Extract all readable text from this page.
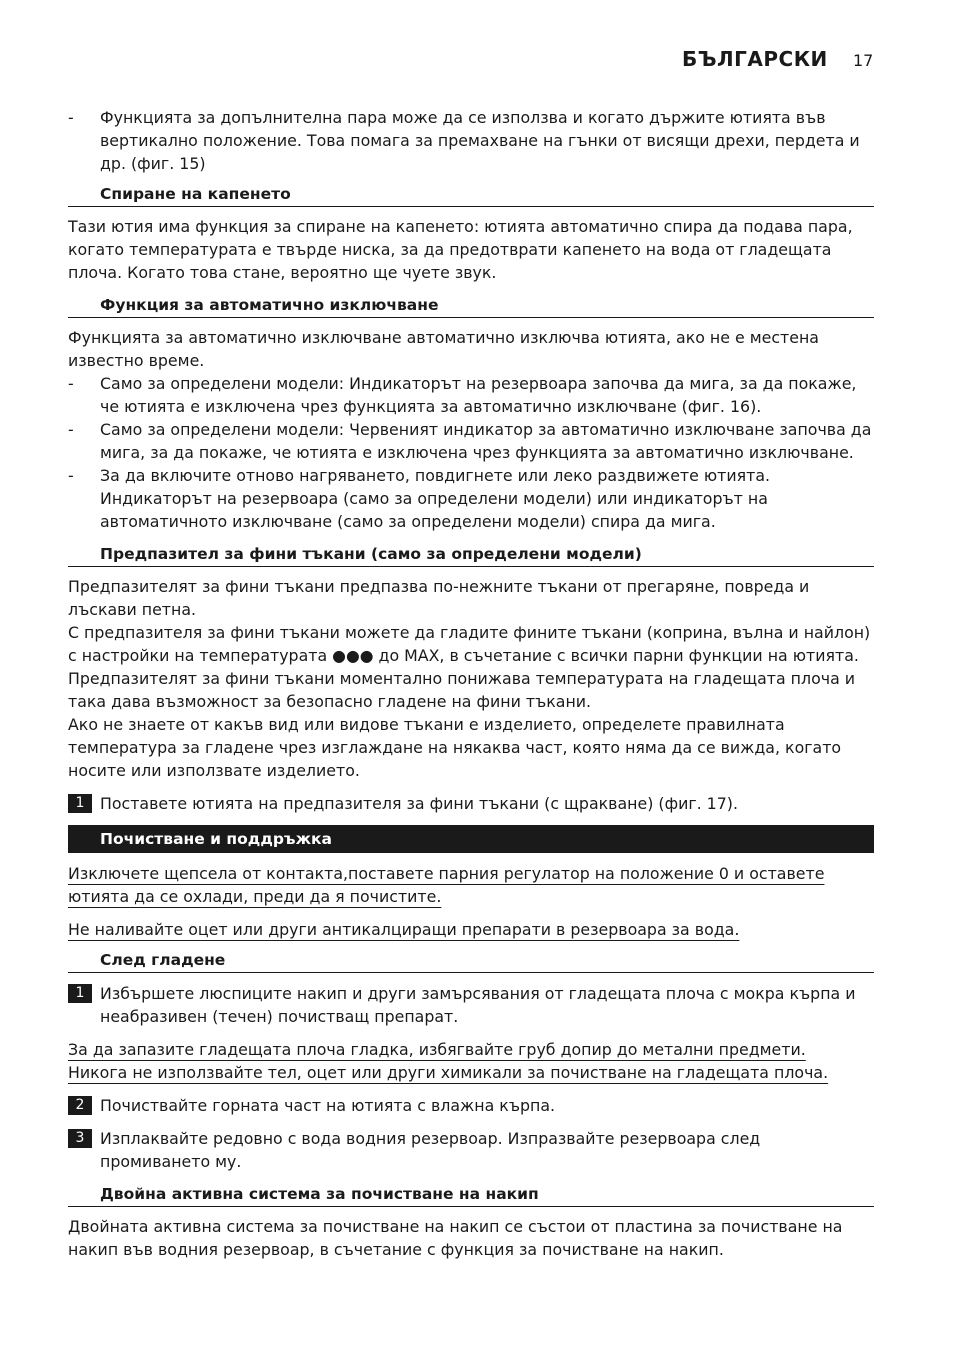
БЪЛГАРСКИ 17
- Функцията за допълнителна пара може да се използва и когато държите ютията във вертикално положение. Това помага за премахване на гънки от висящи дрехи, пердета и др. (фиг. 15)
Спиране на капенето

Тази ютия има функция за спиране на капенето: ютията автоматично спира да подава пара, когато температурата е твърде ниска, за да предотврати капенето на вода от гладещата плоча. Когато това стане, вероятно ще чуете звук.

Функция за автоматично изключване

Функцията за автоматично изключване автоматично изключва ютията, ако не е местена известно време.

- Само за определени модели: Индикаторът на резервоара започва да мига, за да покаже, че ютията е изключена чрез функцията за автоматично изключване (фиг. 16).
- Само за определени модели: Червеният индикатор за автоматично изключване започва да мига, за да покаже, че ютията е изключена чрез функцията за автоматично изключване.
- За да включите отново нагряването, повдигнете или леко раздвижете ютията. Индикаторът на резервоара (само за определени модели) или индикаторът на автоматичното изключване (само за определени модели) спира да мига.
Предпазител за фини тъкани (само за определени модели)

Предпазителят за фини тъкани предпазва по-нежните тъкани от прегаряне, повреда и лъскави петна.

С предпазителя за фини тъкани можете да гладите фините тъкани (коприна, вълна и найлон) с настройки на температурата ●●● до MAX, в съчетание с всички парни функции на ютията.

Предпазителят за фини тъкани моментално понижава температурата на гладещата плоча и така дава възможност за безопасно гладене на фини тъкани.

Ако не знаете от какъв вид или видове тъкани е изделието, определете правилната температура за гладене чрез изглаждане на някаква част, която няма да се вижда, когато носите или използвате изделието.

1 Поставете ютията на предпазителя за фини тъкани (с щракване) (фиг. 17).
Почистване и поддръжка
Изключете щепсела от контакта,поставете парния регулатор на положение 0 и оставете ютията да се охлади, преди да я почистите.
Не наливайте оцет или други антикалциращи препарати в резервоара за вода.
След гладене
1 Избършете люспиците накип и други замърсявания от гладещата плоча с мокра кърпа и неабразивен (течен) почистващ препарат.
За да запазите гладещата плоча гладка, избягвайте груб допир до метални предмети.
Никога не използвайте тел, оцет или други химикали за почистване на гладещата плоча.
2 Почиствайте горната част на ютията с влажна кърпа.
3 Изплаквайте редовно с вода водния резервоар. Изпразвайте резервоара след промиването му.
Двойна активна система за почистване на накип

Двойната активна система за почистване на накип се състои от пластина за почистване на накип във водния резервоар, в съчетание с функция за почистване на накип.
